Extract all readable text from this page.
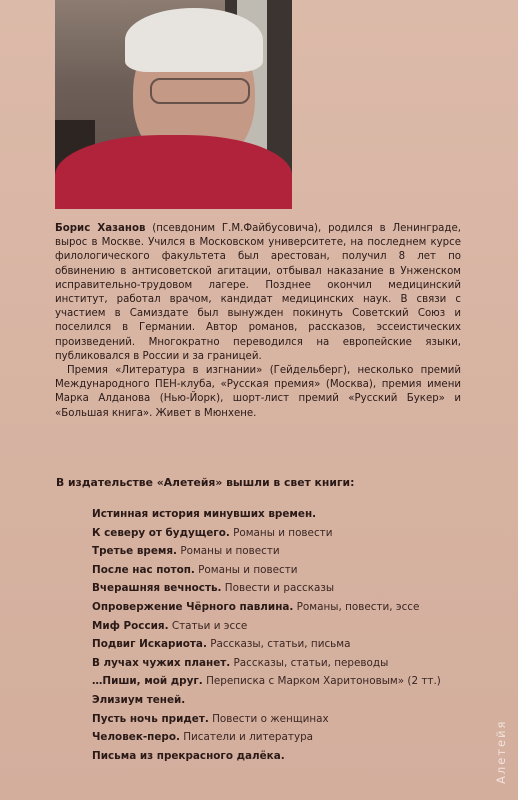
Борис Хазанов (псевдоним Г.М.Файбусовича), родился в Ленинграде, вырос в Москве. Учился в Московском университете, на последнем курсе филологического факультета был арестован, получил 8 лет по обвинению в антисоветской агитации, отбывал наказание в Унженском исправительно-трудовом лагере. Позднее окончил медицинский институт, работал врачом, кандидат медицинских наук. В связи с участием в Самиздате был вынужден покинуть Советский Союз и поселился в Германии. Автор романов, рассказов, эссеистических произведений. Многократно переводился на европейские языки, публиковался в России и за границей.

Премия «Литература в изгнании» (Гейдельберг), несколько премий Международного ПЕН-клуба, «Русская премия» (Москва), премия имени Марка Алданова (Нью-Йорк), шорт-лист премий «Русский Букер» и «Большая книга». Живет в Мюнхене.

В издательстве «Алетейя» вышли в свет книги:
Истинная история минувших времен.
К северу от будущего. Романы и повести
Третье время. Романы и повести
После нас потоп. Романы и повести
Вчерашняя вечность. Повести и рассказы
Опровержение Чёрного павлина. Романы, повести, эссе
Миф Россия. Статьи и эссе
Подвиг Искариота. Рассказы, статьи, письма
В лучах чужих планет. Рассказы, статьи, переводы
…Пиши, мой друг. Переписка с Марком Харитоновым» (2 тт.)
Элизиум теней.
Пусть ночь придет. Повести о женщинах
Человек-перо. Писатели и литература
Письма из прекрасного далёка.	Алетейя
